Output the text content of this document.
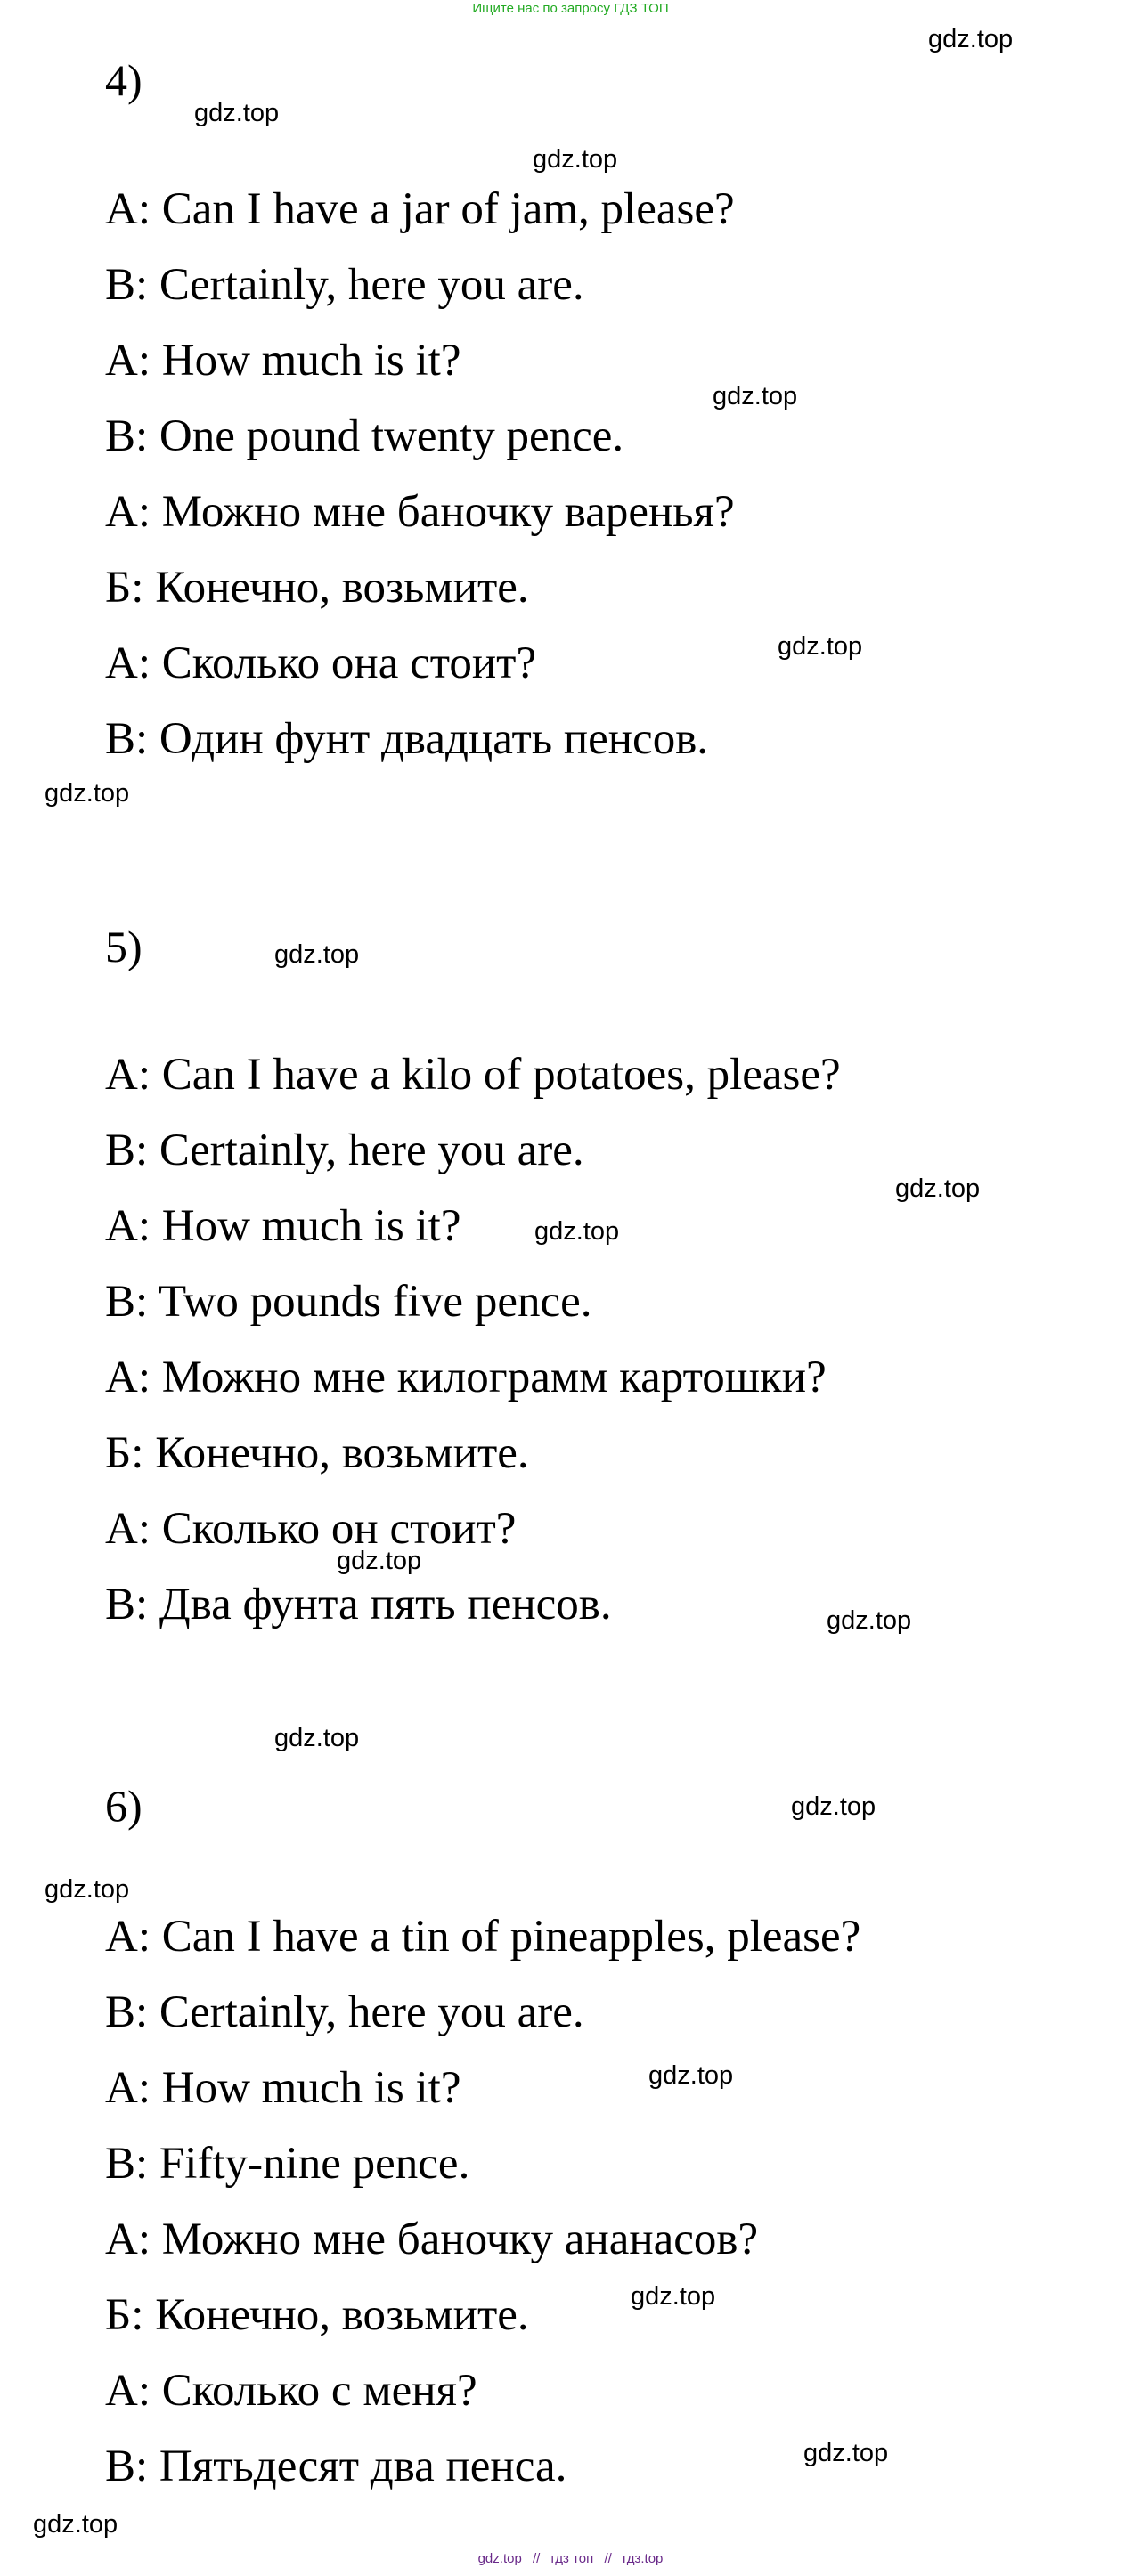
Ищите нас по запросу ГДЗ ТОП
4)
A: Can I have a jar of jam, please?
B: Certainly, here you are.
A: How much is it?
B: One pound twenty pence.
A: Можно мне баночку варенья?
Б: Конечно, возьмите.
A: Сколько она стоит?
B: Один фунт двадцать пенсов.
5)
A: Can I have a kilo of potatoes, please?
B: Certainly, here you are.
A: How much is it?
B: Two pounds five pence.
A: Можно мне килограмм картошки?
Б: Конечно, возьмите.
A: Сколько он стоит?
B: Два фунта пять пенсов.
6)
A: Can I have a tin of pineapples, please?
B: Certainly, here you are.
A: How much is it?
B: Fifty-nine pence.
A: Можно мне баночку ананасов?
Б: Конечно, возьмите.
A: Сколько с меня?
B: Пятьдесят два пенса.
gdz.top
gdz.top
gdz.top
gdz.top
gdz.top
gdz.top
gdz.top
gdz.top
gdz.top
gdz.top
gdz.top
gdz.top
gdz.top
gdz.top
gdz.top
gdz.top
gdz.top
gdz.top
gdz.top // гдз топ // гдз.top
